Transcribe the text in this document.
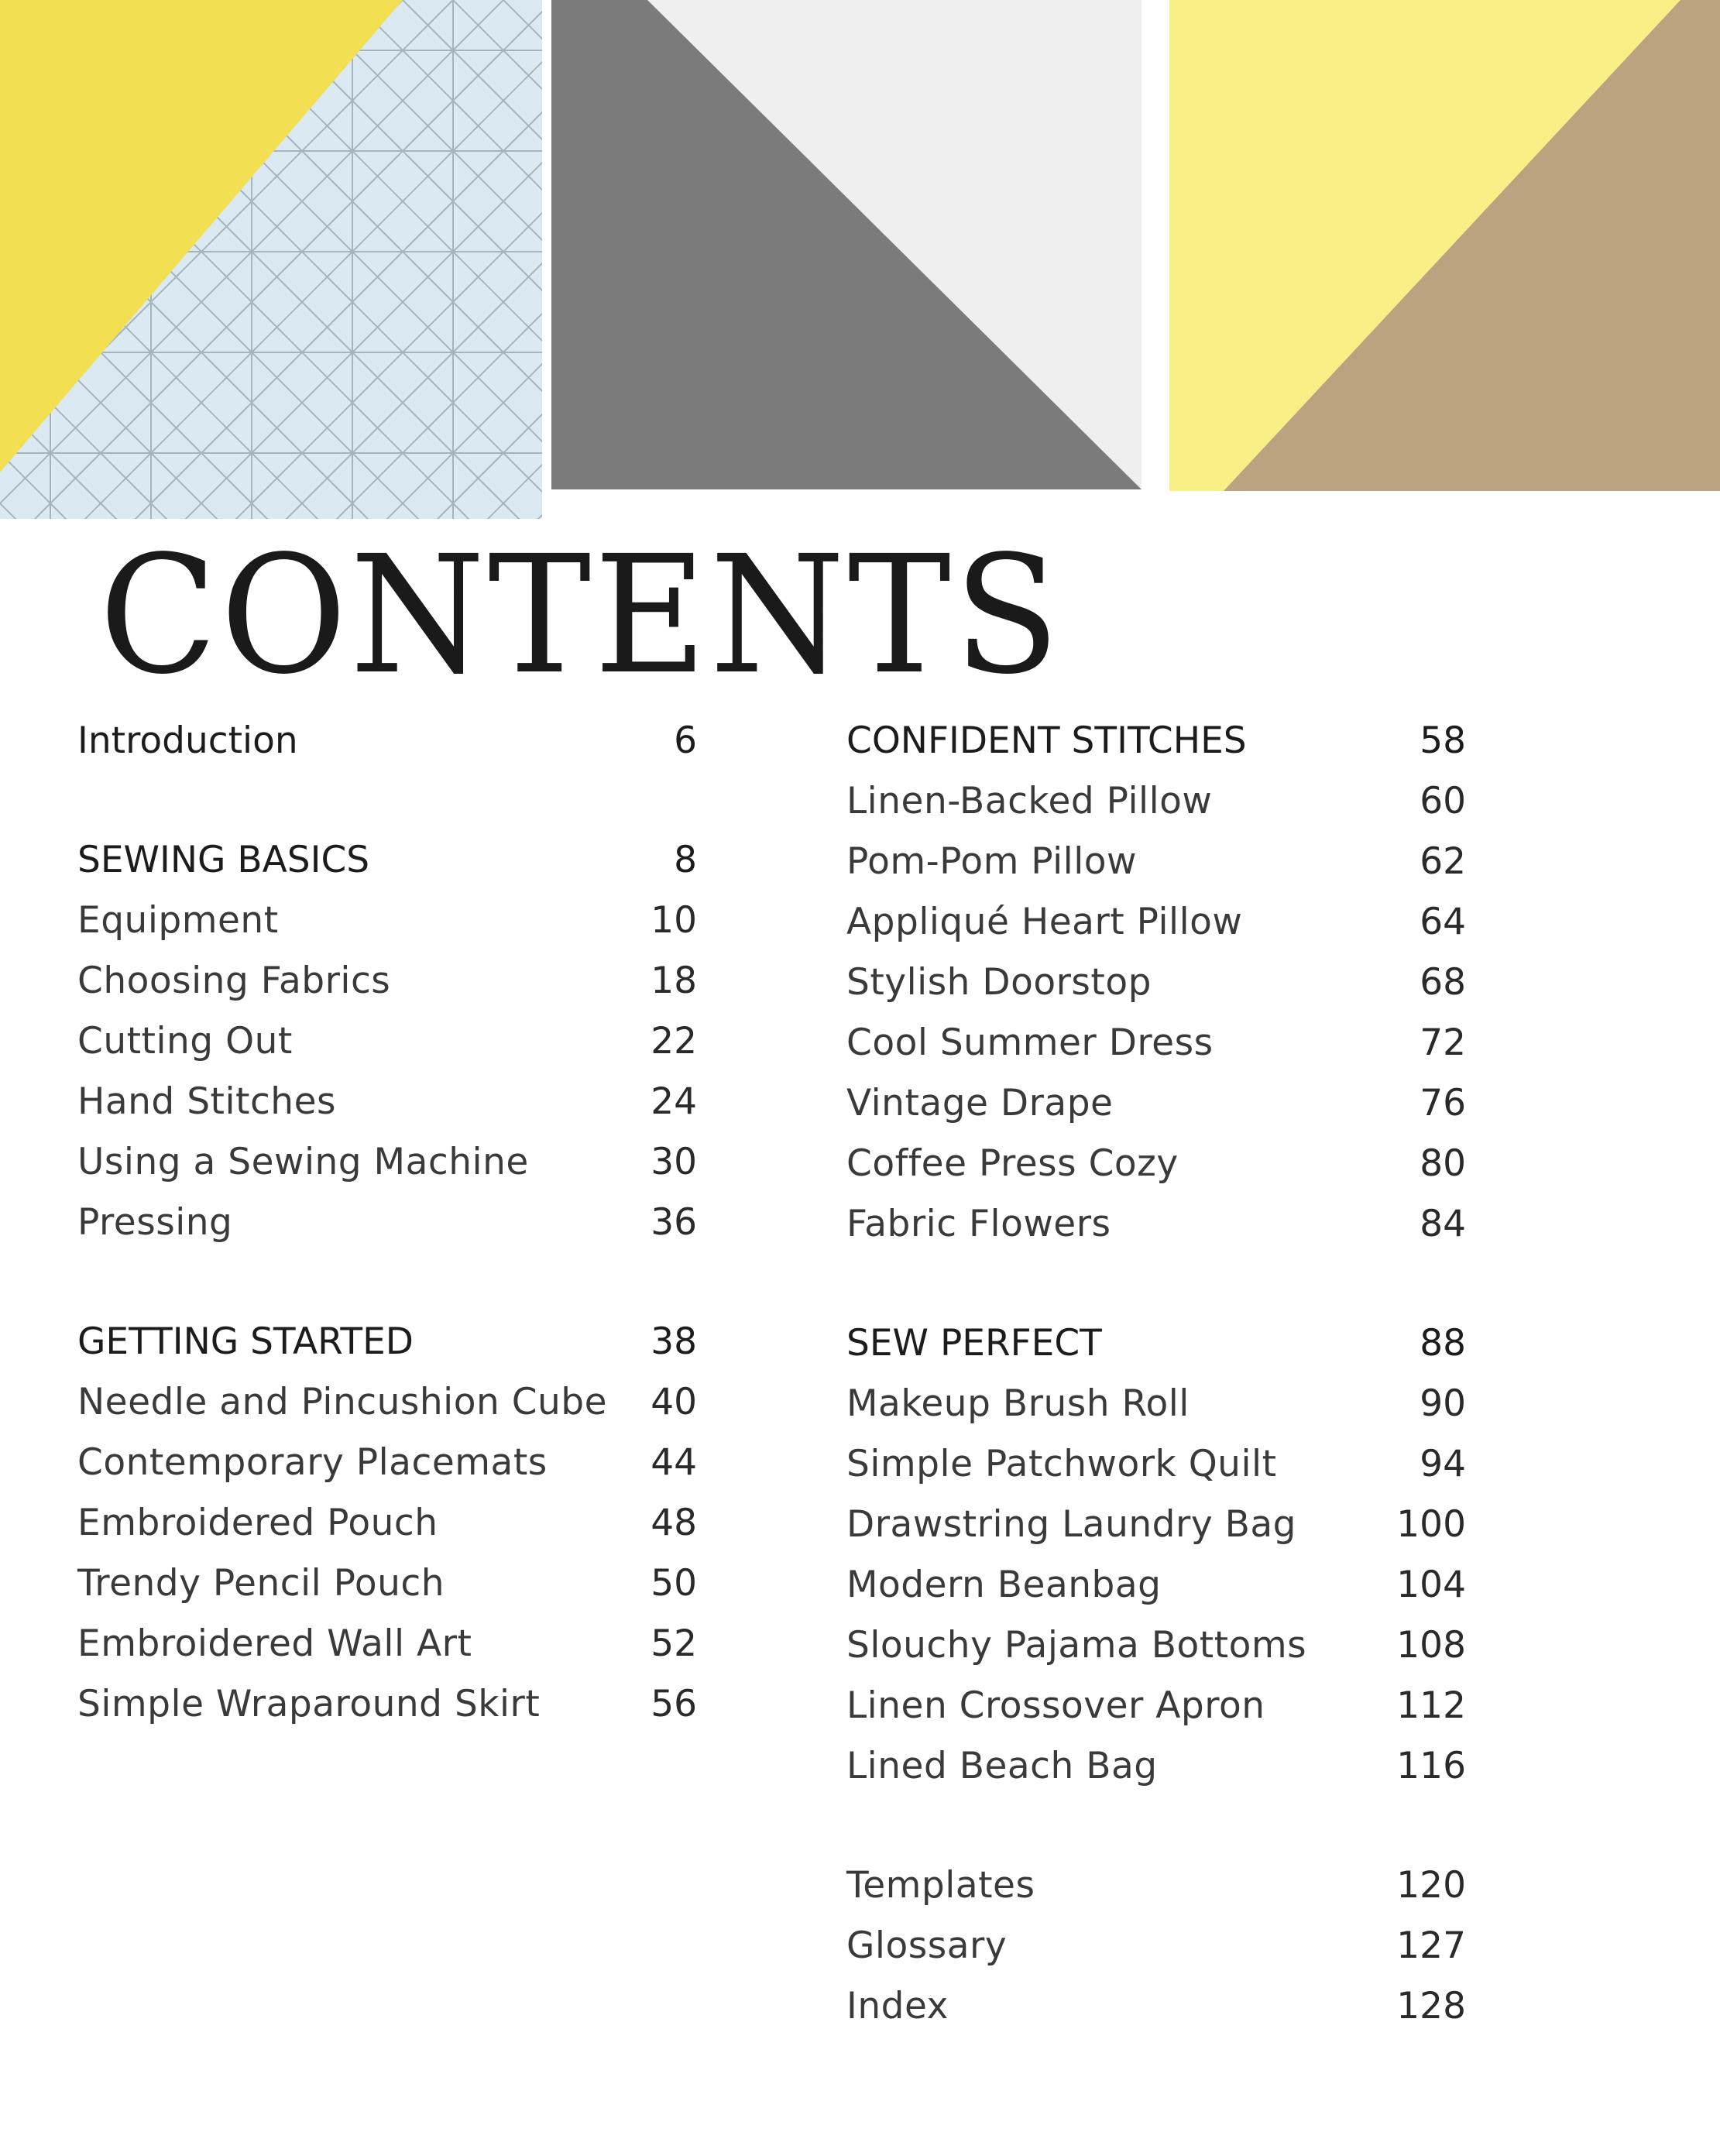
CONTENTS
Introduction	6
SEWING BASICS	8
Equipment	10
Choosing Fabrics	18
Cutting Out	22
Hand Stitches	24
Using a Sewing Machine	30
Pressing	36
GETTING STARTED	38
Needle and Pincushion Cube 40
Contemporary Placemats	44
Embroidered Pouch	48
Trendy Pencil Pouch	50
Embroidered Wall Art	52
Simple Wraparound Skirt	56
CONFIDENT STITCHES	58
Linen-Backed Pillow	60
Pom-Pom Pillow	62
Appliqué Heart Pillow	64
Stylish Doorstop	68
Cool Summer Dress	72
Vintage Drape	76
Coffee Press Cozy	80
Fabric Flowers	84
SEW PERFECT	88
Makeup Brush Roll	90
Simple Patchwork Quilt	94
Drawstring Laundry Bag	100
Modern Beanbag	104
Slouchy Pajama Bottoms 108
Linen Crossover Apron	112
Lined Beach Bag	116
Templates	120
Glossary	127
Index	128
